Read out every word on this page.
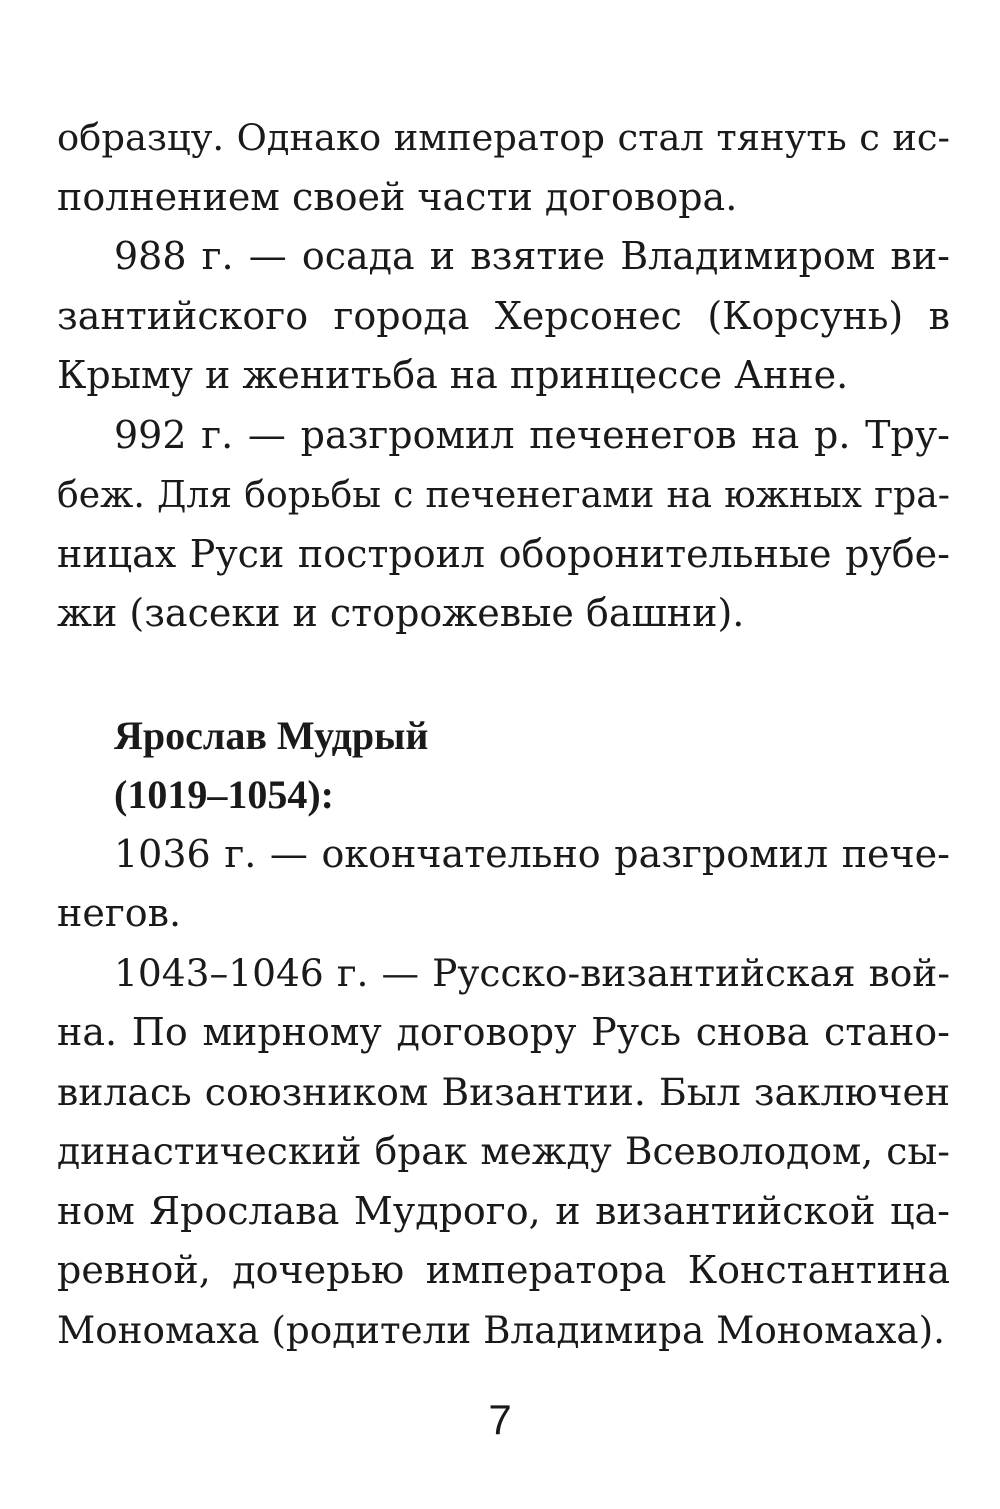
образцу. Однако император стал тянуть с ис-
полнением своей части договора.
988 г. — осада и взятие Владимиром ви-
зантийского города Херсонес (Корсунь) в
Крыму и женитьба на принцессе Анне.
992 г. — разгромил печенегов на р. Тру-
беж. Для борьбы с печенегами на южных гра-
ницах Руси построил оборонительные рубе-
жи (засеки и сторожевые башни).
Ярослав Мудрый
(1019–1054):
1036 г. — окончательно разгромил пече-
негов.
1043–1046 г. — Русско-византийская вой-
на. По мирному договору Русь снова стано-
вилась союзником Византии. Был заключен
династический брак между Всеволодом, сы-
ном Ярослава Мудрого, и византийской ца-
ревной, дочерью императора Константина
Мономаха (родители Владимира Мономаха).
7
